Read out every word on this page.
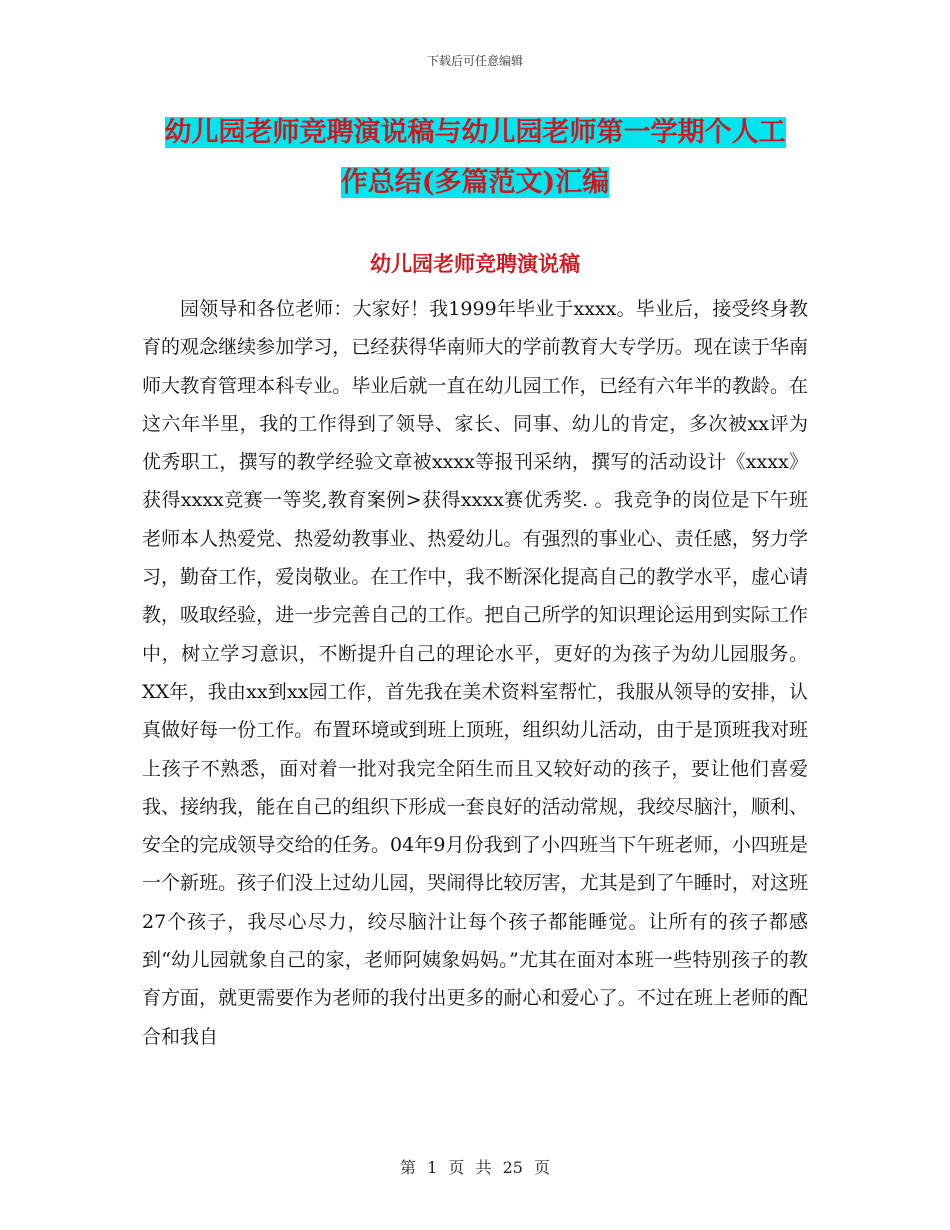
下载后可任意编辑
幼儿园老师竞聘演说稿与幼儿园老师第一学期个人工
作总结(多篇范文)汇编
幼儿园老师竞聘演说稿

园领导和各位老师：大家好！我1999年毕业于xxxx。毕业后，接受终身教育的观念继续参加学习，已经获得华南师大的学前教育大专学历。现在读于华南师大教育管理本科专业。毕业后就一直在幼儿园工作，已经有六年半的教龄。在这六年半里，我的工作得到了领导、家长、同事、幼儿的肯定，多次被xx评为优秀职工，撰写的教学经验文章被xxxx等报刊采纳，撰写的活动设计《xxxx》获得xxxx竞赛一等奖,教育案例>获得xxxx赛优秀奖. 。我竞争的岗位是下午班老师本人热爱党、热爱幼教事业、热爱幼儿。有强烈的事业心、责任感，努力学习，勤奋工作，爱岗敬业。在工作中，我不断深化提高自己的教学水平，虚心请教，吸取经验，进一步完善自己的工作。把自己所学的知识理论运用到实际工作中，树立学习意识，不断提升自己的理论水平，更好的为孩子为幼儿园服务。XX年，我由xx到xx园工作，首先我在美术资料室帮忙，我服从领导的安排，认真做好每一份工作。布置环境或到班上顶班，组织幼儿活动，由于是顶班我对班上孩子不熟悉，面对着一批对我完全陌生而且又较好动的孩子，要让他们喜爱我、接纳我，能在自己的组织下形成一套良好的活动常规，我绞尽脑汁，顺利、安全的完成领导交给的任务。04年9月份我到了小四班当下午班老师，小四班是一个新班。孩子们没上过幼儿园，哭闹得比较厉害，尤其是到了午睡时，对这班27个孩子，我尽心尽力，绞尽脑汁让每个孩子都能睡觉。让所有的孩子都感到“幼儿园就象自己的家，老师阿姨象妈妈。”尤其在面对本班一些特别孩子的教育方面，就更需要作为老师的我付出更多的耐心和爱心了。不过在班上老师的配合和我自

第 1 页 共 25 页
